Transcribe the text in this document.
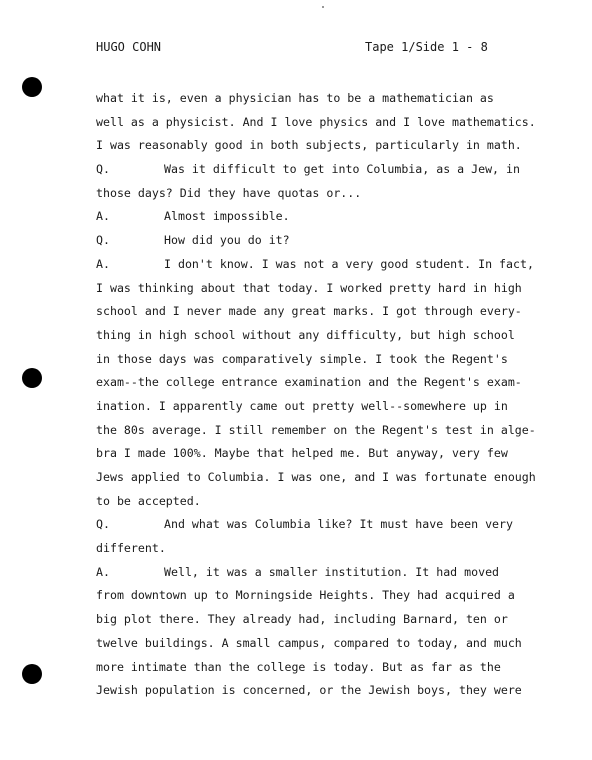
HUGO COHN	Tape 1/Side 1 - 8
what it is, even a physician has to be a mathematician as
well as a physicist. And I love physics and I love mathematics.
I was reasonably good in both subjects, particularly in math.
Q.	Was it difficult to get into Columbia, as a Jew, in
those days? Did they have quotas or...
A.	Almost impossible.
Q.	How did you do it?
A.	I don't know. I was not a very good student. In fact,
I was thinking about that today. I worked pretty hard in high
school and I never made any great marks. I got through every-
thing in high school without any difficulty, but high school
in those days was comparatively simple. I took the Regent's
exam--the college entrance examination and the Regent's exam-
ination. I apparently came out pretty well--somewhere up in
the 80s average. I still remember on the Regent's test in alge-
bra I made 100%. Maybe that helped me. But anyway, very few
Jews applied to Columbia. I was one, and I was fortunate enough
to be accepted.
Q.	And what was Columbia like? It must have been very
different.
A.	Well, it was a smaller institution. It had moved
from downtown up to Morningside Heights. They had acquired a
big plot there. They already had, including Barnard, ten or
twelve buildings. A small campus, compared to today, and much
more intimate than the college is today. But as far as the
Jewish population is concerned, or the Jewish boys, they were
